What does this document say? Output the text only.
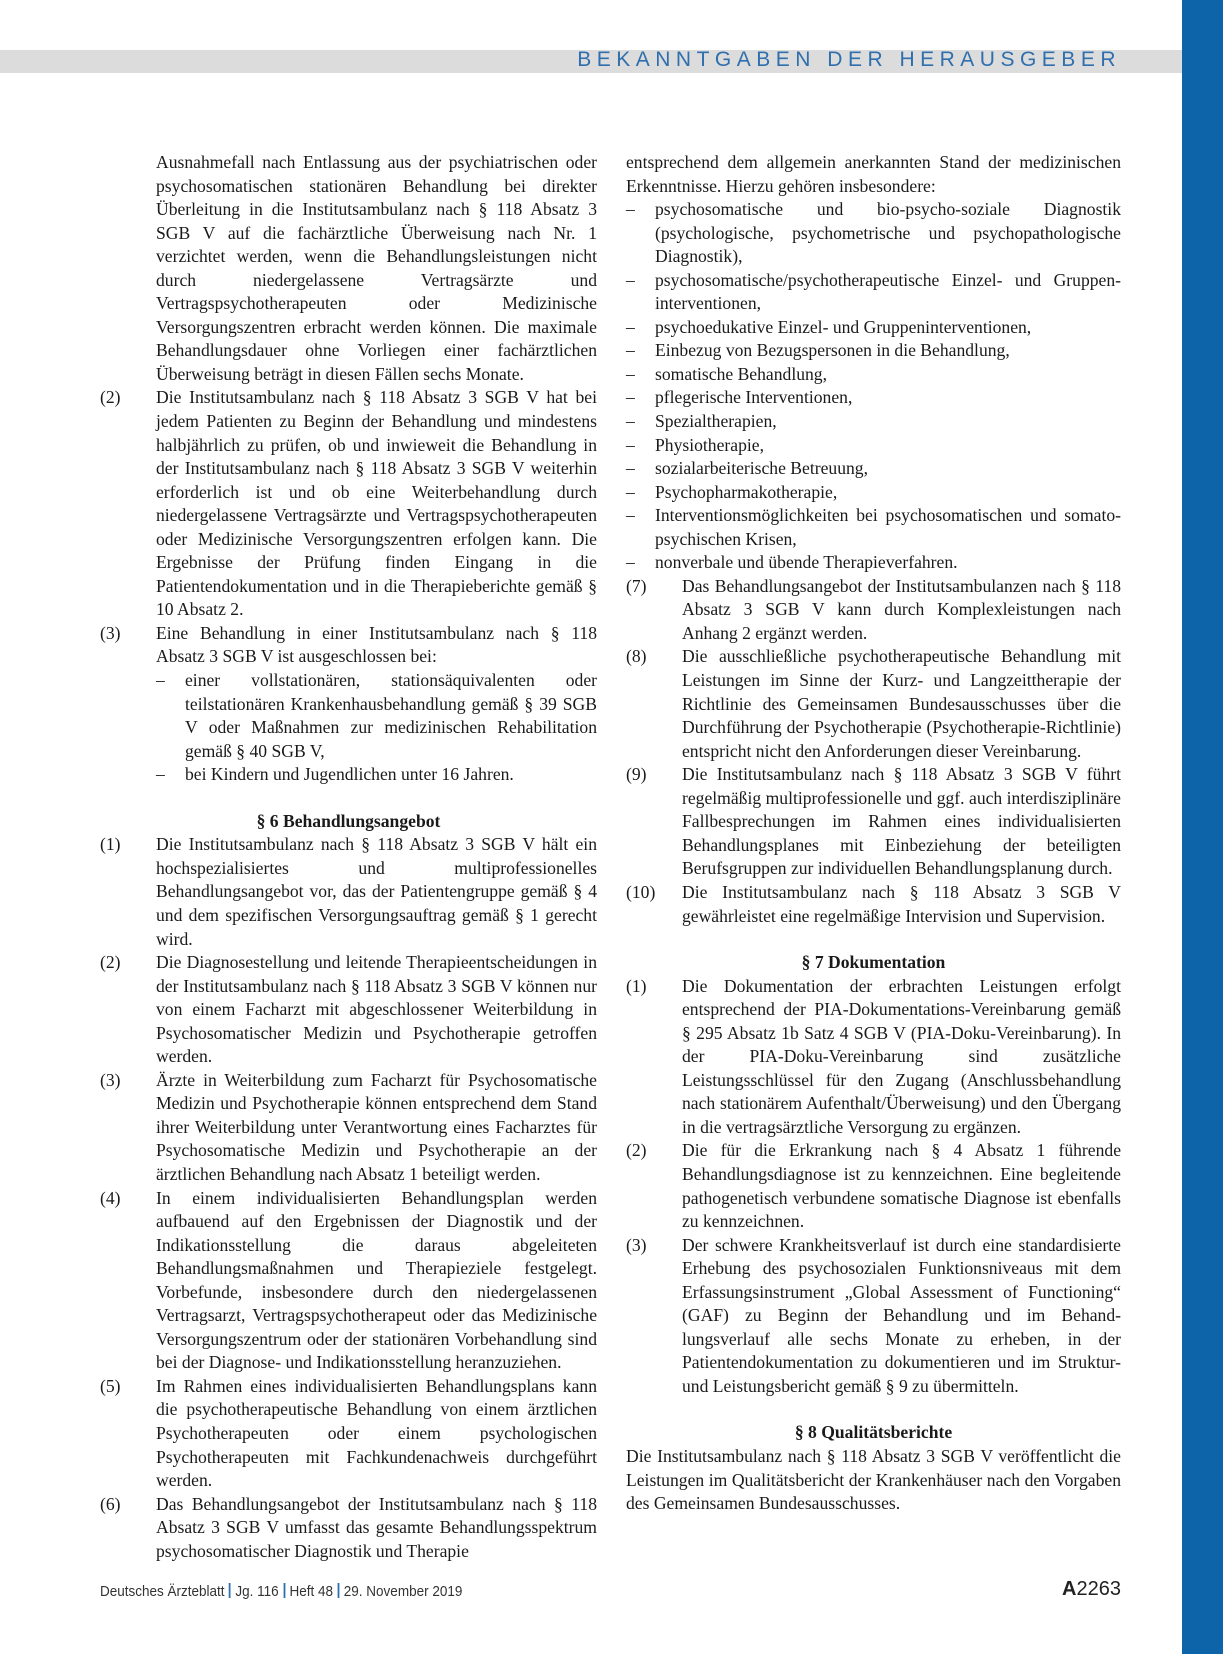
BEKANNTGABEN DER HERAUSGEBER
Ausnahmefall nach Entlassung aus der psychiatrischen oder psychosomatischen stationären Behandlung bei direkter Überleitung in die Institutsambulanz nach § 118 Absatz 3 SGB V auf die fachärztliche Überweisung nach Nr. 1 verzichtet werden, wenn die Behandlungsleistungen nicht durch niedergelassene Vertragsärzte und Vertragspsychotherapeuten oder Medizinische Versorgungszentren erbracht werden können. Die maximale Behandlungsdauer ohne Vorliegen einer fachärztlichen Überweisung beträgt in diesen Fällen sechs Monate.
(2)	Die Institutsambulanz nach § 118 Absatz 3 SGB V hat bei jedem Patienten zu Beginn der Behandlung und mindestens halbjährlich zu prüfen, ob und inwieweit die Behandlung in der Institutsambulanz nach § 118 Absatz 3 SGB V weiterhin erforderlich ist und ob eine Weiterbehandlung durch niedergelassene Vertragsärzte und Vertragspsychotherapeuten oder Medizinische Versorgungszentren erfolgen kann. Die Ergebnisse der Prüfung finden Eingang in die Patientendokumentation und in die Therapieberichte gemäß § 10 Absatz 2.
(3)	Eine Behandlung in einer Institutsambulanz nach § 118 Absatz 3 SGB V ist ausgeschlossen bei:
–	einer vollstationären, stationsäquivalenten oder teilstationären Krankenhausbehandlung gemäß § 39 SGB V oder Maßnahmen zur medizinischen Rehabilitation gemäß § 40 SGB V,
–	bei Kindern und Jugendlichen unter 16 Jahren.
§ 6 Behandlungsangebot
(1)	Die Institutsambulanz nach § 118 Absatz 3 SGB V hält ein hochspezialisiertes und multiprofessionelles Behandlungsangebot vor, das der Patientengruppe gemäß § 4 und dem spezifischen Versorgungsauftrag gemäß § 1 gerecht wird.
(2)	Die Diagnosestellung und leitende Therapieentscheidungen in der Institutsambulanz nach § 118 Absatz 3 SGB V können nur von einem Facharzt mit abgeschlossener Weiterbildung in Psychosomatischer Medizin und Psychotherapie getroffen werden.
(3)	Ärzte in Weiterbildung zum Facharzt für Psychosomatische Medizin und Psychotherapie können entsprechend dem Stand ihrer Weiterbildung unter Verantwortung eines Facharztes für Psychosomatische Medizin und Psychotherapie an der ärztlichen Behandlung nach Absatz 1 beteiligt werden.
(4)	In einem individualisierten Behandlungsplan werden aufbauend auf den Ergebnissen der Diagnostik und der Indikationsstellung die daraus abgeleiteten Behandlungsmaßnahmen und Therapieziele festgelegt. Vorbefunde, insbesondere durch den niedergelassenen Vertragsarzt, Vertragspsychotherapeut oder das Medizinische Versorgungszentrum oder der stationären Vorbehandlung sind bei der Diagnose- und Indikationsstellung heranzuziehen.
(5)	Im Rahmen eines individualisierten Behandlungsplans kann die psychotherapeutische Behandlung von einem ärztlichen Psychotherapeuten oder einem psychologischen Psychotherapeuten mit Fachkundenachweis durchgeführt werden.
(6)	Das Behandlungsangebot der Institutsambulanz nach § 118 Absatz 3 SGB V umfasst das gesamte Behandlungsspektrum psychosomatischer Diagnostik und Therapie
entsprechend dem allgemein anerkannten Stand der medizinischen Erkenntnisse. Hierzu gehören insbesondere:
–	psychosomatische und bio-psycho-soziale Diagnostik (psychologische, psychometrische und psychopathologische Diagnostik),
–	psychosomatische/psychotherapeutische Einzel- und Gruppen-interventionen,
–	psychoedukative Einzel- und Gruppeninterventionen,
–	Einbezug von Bezugspersonen in die Behandlung,
–	somatische Behandlung,
–	pflegerische Interventionen,
–	Spezialtherapien,
–	Physiotherapie,
–	sozialarbeiterische Betreuung,
–	Psychopharmakotherapie,
–	Interventionsmöglichkeiten bei psychosomatischen und somato-psychischen Krisen,
–	nonverbale und übende Therapieverfahren.
(7)	Das Behandlungsangebot der Institutsambulanzen nach § 118 Absatz 3 SGB V kann durch Komplexleistungen nach Anhang 2 ergänzt werden.
(8)	Die ausschließliche psychotherapeutische Behandlung mit Leistungen im Sinne der Kurz- und Langzeittherapie der Richtlinie des Gemeinsamen Bundesausschusses über die Durchführung der Psychotherapie (Psychotherapie-Richtlinie) entspricht nicht den Anforderungen dieser Vereinbarung.
(9)	Die Institutsambulanz nach § 118 Absatz 3 SGB V führt regelmäßig multiprofessionelle und ggf. auch interdisziplinäre Fallbesprechungen im Rahmen eines individualisierten Behandlungsplanes mit Einbeziehung der beteiligten Berufsgruppen zur individuellen Behandlungsplanung durch.
(10)	Die Institutsambulanz nach § 118 Absatz 3 SGB V gewährleistet eine regelmäßige Intervision und Supervision.
§ 7 Dokumentation
(1)	Die Dokumentation der erbrachten Leistungen erfolgt entsprechend der PIA-Dokumentations-Vereinbarung gemäß § 295 Absatz 1b Satz 4 SGB V (PIA-Doku-Vereinbarung). In der PIA-Doku-Vereinbarung sind zusätzliche Leistungsschlüssel für den Zugang (Anschlussbehandlung nach stationärem Aufenthalt/Überweisung) und den Übergang in die vertragsärztliche Versorgung zu ergänzen.
(2)	Die für die Erkrankung nach § 4 Absatz 1 führende Behandlungsdiagnose ist zu kennzeichnen. Eine begleitende pathogenetisch verbundene somatische Diagnose ist ebenfalls zu kennzeichnen.
(3)	Der schwere Krankheitsverlauf ist durch eine standardisierte Erhebung des psychosozialen Funktionsniveaus mit dem Erfassungsinstrument „Global Assessment of Functioning“ (GAF) zu Beginn der Behandlung und im Behand-lungsverlauf alle sechs Monate zu erheben, in der Patientendokumentation zu dokumentieren und im Struktur- und Leistungsbericht gemäß § 9 zu übermitteln.
§ 8 Qualitätsberichte
Die Institutsambulanz nach § 118 Absatz 3 SGB V veröffentlicht die Leistungen im Qualitätsbericht der Krankenhäuser nach den Vorgaben des Gemeinsamen Bundesausschusses.
Deutsches Ärzteblatt Jg. 116 Heft 48 29. November 2019	A2263
